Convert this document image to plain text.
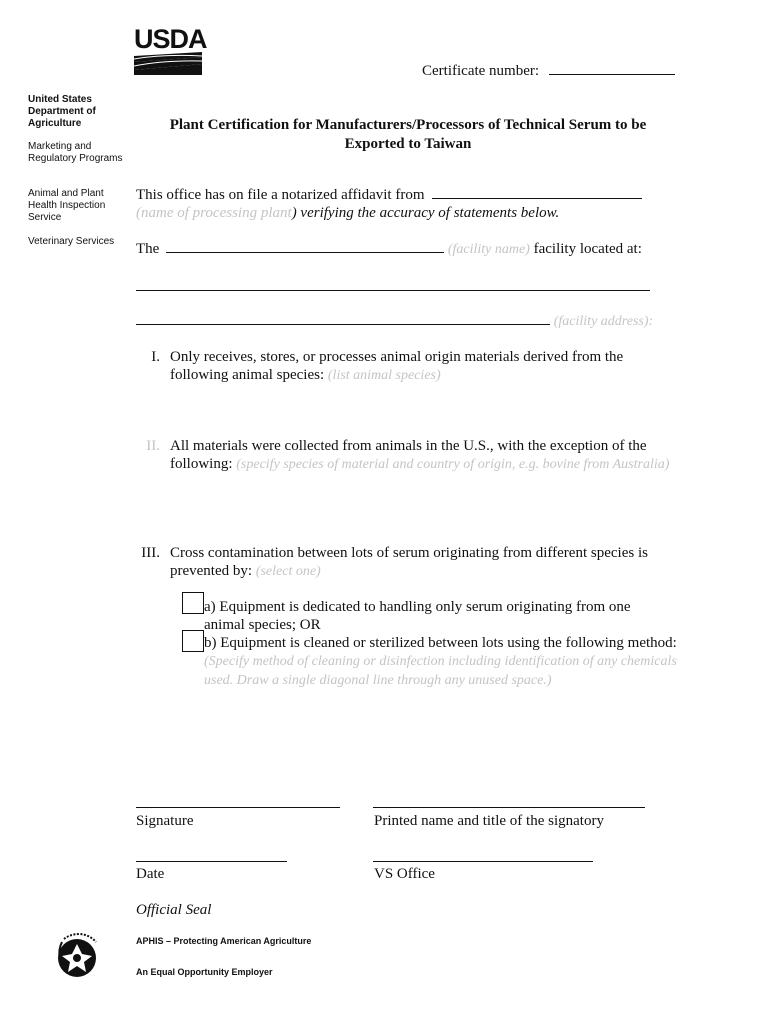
USDA
Certificate number:
United States Department of Agriculture
Marketing and Regulatory Programs
Animal and Plant Health Inspection Service
Veterinary Services
Plant Certification for Manufacturers/Processors of Technical Serum to be
Exported to Taiwan
This office has on file a notarized affidavit from
(name of processing plant) verifying the accuracy of statements below.
The	(facility name) facility located at:
(facility address):
I. Only receives, stores, or processes animal origin materials derived from the following animal species: (list animal species)
II. All materials were collected from animals in the U.S., with the exception of the following: (specify species of material and country of origin, e.g. bovine from Australia)
III. Cross contamination between lots of serum originating from different species is prevented by: (select one)
a) Equipment is dedicated to handling only serum originating from one animal species; OR
b) Equipment is cleaned or sterilized between lots using the following method: (Specify method of cleaning or disinfection including identification of any chemicals used. Draw a single diagonal line through any unused space.)
Signature	Printed name and title of the signatory
Date	VS Office
Official Seal
APHIS – Protecting American Agriculture
An Equal Opportunity Employer
